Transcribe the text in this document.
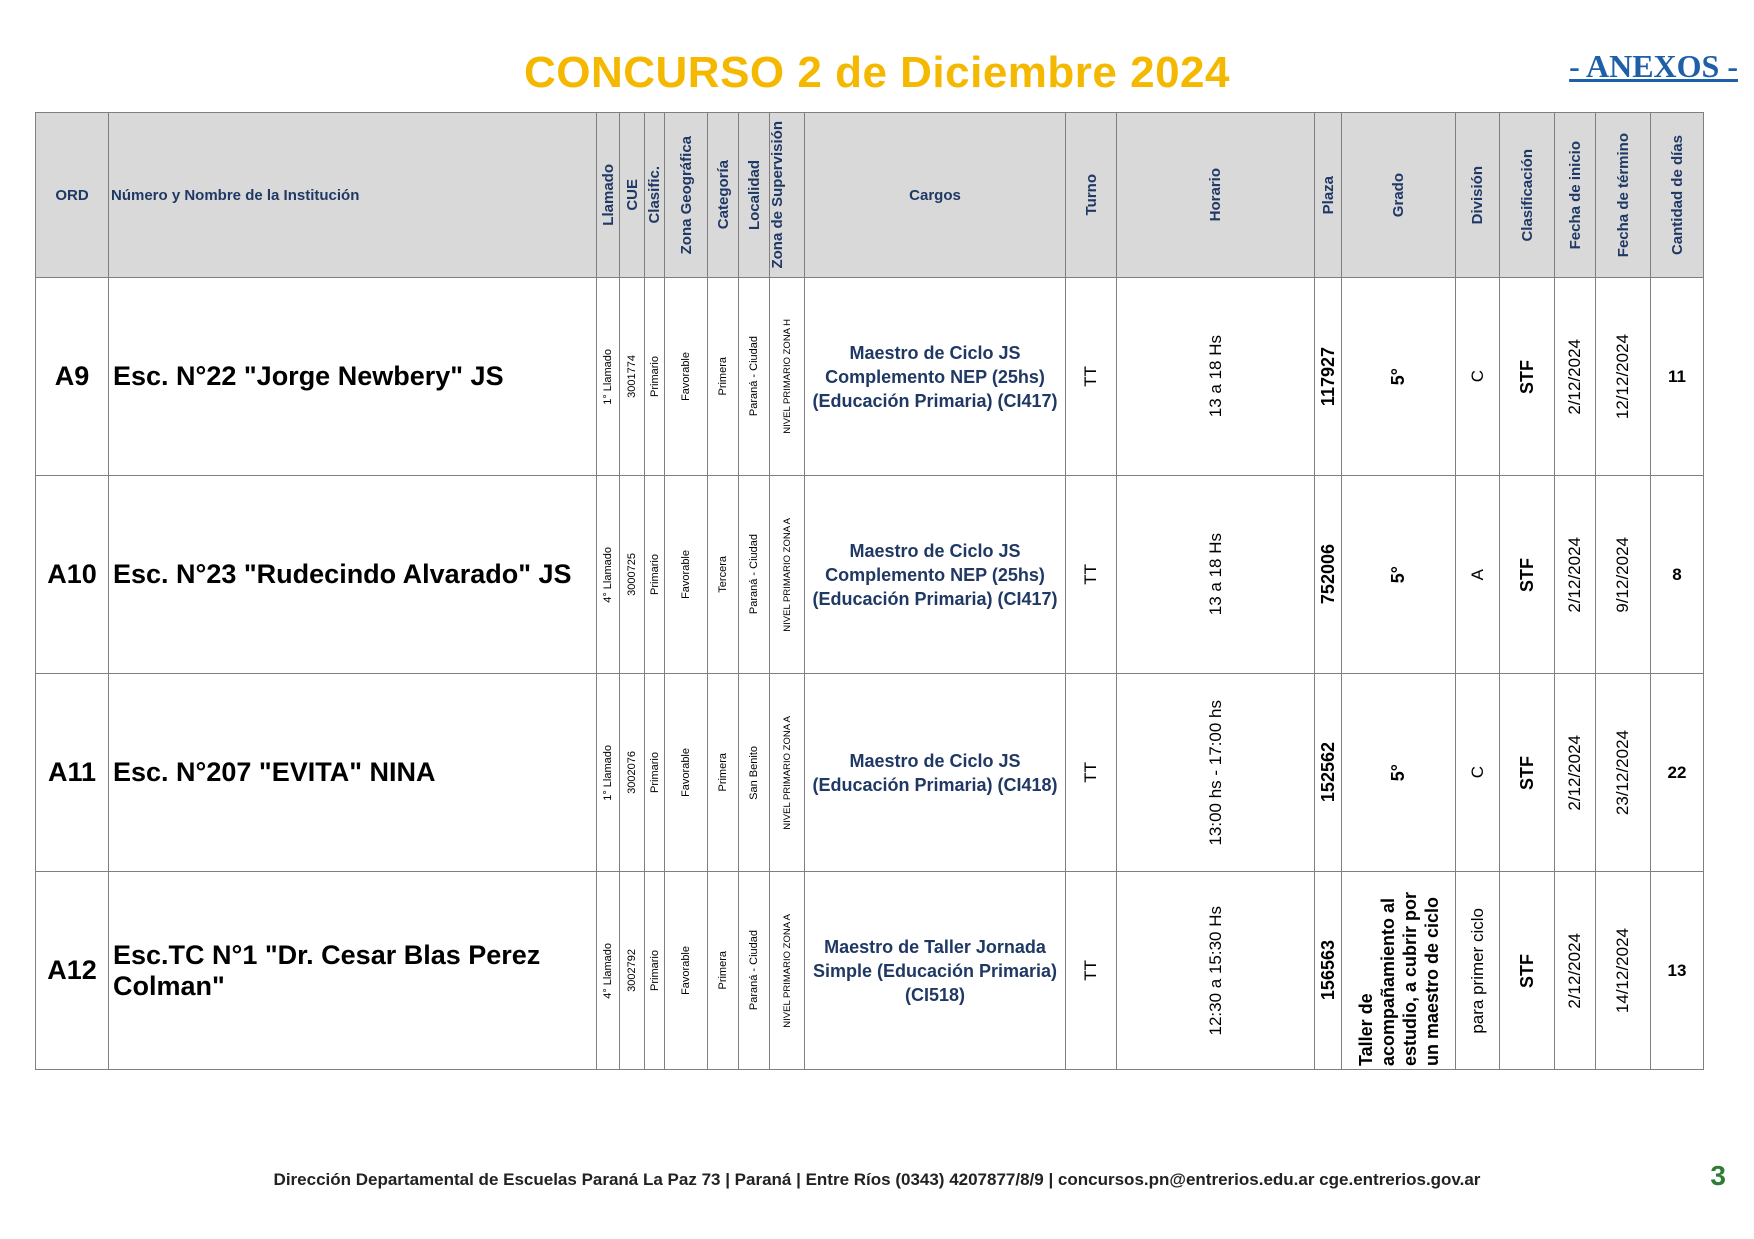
CONCURSO 2 de Diciembre 2024	- ANEXOS -
ORD	Número y Nombre de la Institución	Llamado	CUE	Clasific.	Zona Geográfica	Categoría	Localidad	Zona de Supervisión	Cargos	Turno	Horario	Plaza	Grado	División	Clasificación	Fecha de inicio	Fecha de término	Cantidad de días

A9	Esc. N°22 "Jorge Newbery" JS	1° Llamado	3001774	Primario	Favorable	Primera	Paraná - Ciudad	NIVEL PRIMARIO ZONA H	Maestro de Ciclo JS Complemento NEP (25hs) (Educación Primaria) (CI417)	TT	13 a 18 Hs	117927	5°	C	STF	2/12/2024	12/12/2024	11

A10	Esc. N°23 "Rudecindo Alvarado" JS	4° Llamado	3000725	Primario	Favorable	Tercera	Paraná - Ciudad	NIVEL PRIMARIO ZONA A	Maestro de Ciclo JS Complemento NEP (25hs) (Educación Primaria) (CI417)	TT	13 a 18 Hs	752006	5°	A	STF	2/12/2024	9/12/2024	8

A11	Esc. N°207 "EVITA" NINA	1° Llamado	3002076	Primario	Favorable	Primera	San Benito	NIVEL PRIMARIO ZONA A	Maestro de Ciclo JS (Educación Primaria) (CI418)	TT	13:00 hs - 17:00 hs	152562	5°	C	STF	2/12/2024	23/12/2024	22

A12	Esc.TC N°1 "Dr. Cesar Blas Perez Colman"	4° Llamado	3002792	Primario	Favorable	Primera	Paraná - Ciudad	NIVEL PRIMARIO ZONA A	Maestro de Taller Jornada Simple (Educación Primaria) (CI518)	TT	12:30 a 15:30 Hs	156563	Taller de acompañamiento al estudio, a cubrir por un maestro de ciclo	para primer ciclo	STF	2/12/2024	14/12/2024	13
Dirección Departamental de Escuelas Paraná La Paz 73 | Paraná | Entre Ríos (0343) 4207877/8/9 | concursos.pn@entrerios.edu.ar cge.entrerios.gov.ar	3
